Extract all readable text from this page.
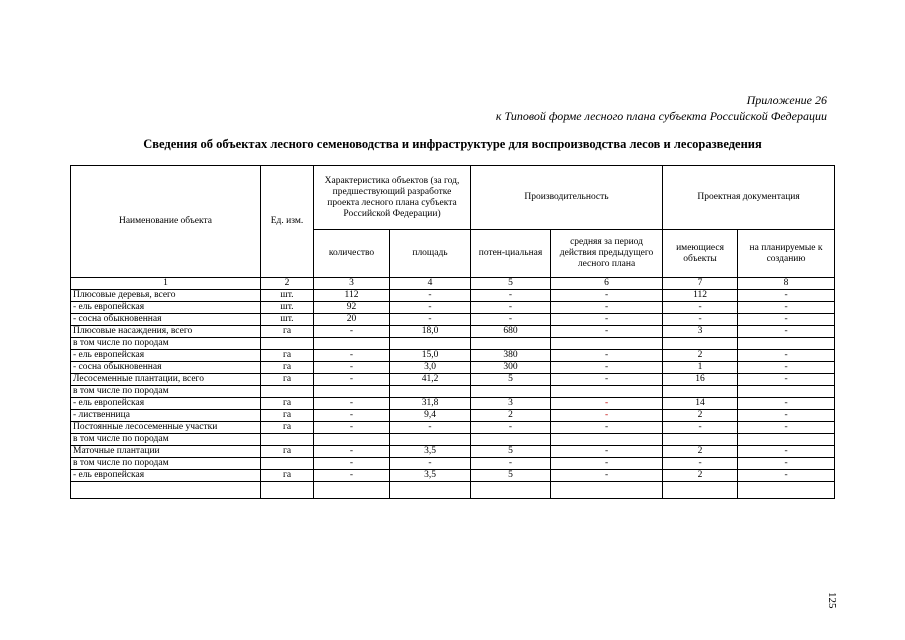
Приложение 26
к Типовой форме лесного плана субъекта Российской Федерации
Сведения об объектах лесного семеноводства и инфраструктуре для воспроизводства лесов и лесоразведения
Наименование объекта	Ед. изм.	Характеристика объектов (за год, предшествующий разработке проекта лесного плана субъекта Российской Федерации)		Производительность		Проектная документация	
		количество	площадь	потен-циальная	средняя за период действия предыдущего лесного плана	имеющиеся объекты	на планируемые к созданию
1	2	3	4	5	6	7	8
Плюсовые деревья, всего	шт.	112	-	-	-	112	-
- ель европейская	шт.	92	-	-	-	-	-
- сосна обыкновенная	шт.	20	-	-	-	-	-
Плюсовые насаждения, всего	га	-	18,0	680	-	3	-
в том числе по породам							
- ель европейская	га	-	15,0	380	-	2	-
- сосна обыкновенная	га	-	3,0	300	-	1	-
Лесосеменные плантации, всего	га	-	41,2	5	-	16	-
в том числе по породам							
- ель европейская	га	-	31,8	3	-	14	-
- лиственница	га	-	9,4	2	-	2	-
Постоянные лесосеменные участки	га	-	-	-	-	-	-
в том числе по породам							
Маточные плантации	га	-	3,5	5	-	2	-
в том числе по породам		-	-	-	-	-	-
- ель европейская	га	-	3,5	5	-	2	-

125
